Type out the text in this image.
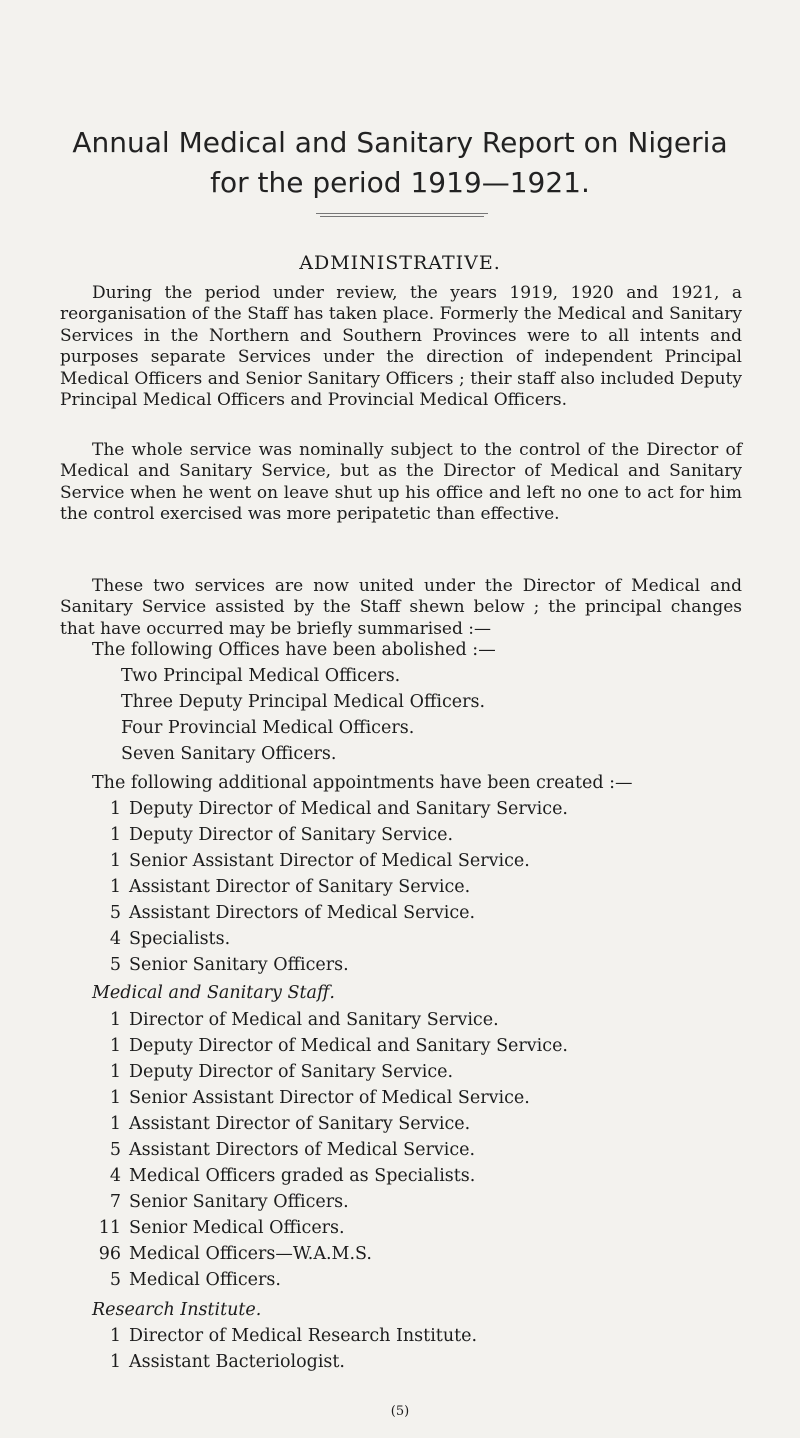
Annual Medical and Sanitary Report on Nigeria
for the period 1919—1921.
ADMINISTRATIVE.

During the period under review, the years 1919, 1920 and 1921, a reorganisation of the Staff has taken place. Formerly the Medical and Sanitary Services in the Northern and Southern Provinces were to all intents and purposes separate Services under the direction of independent Principal Medical Officers and Senior Sanitary Officers ; their staff also included Deputy Principal Medical Officers and Provincial Medical Officers.

The whole service was nominally subject to the control of the Director of Medical and Sanitary Service, but as the Director of Medical and Sanitary Service when he went on leave shut up his office and left no one to act for him the control exercised was more peripatetic than effective.

These two services are now united under the Director of Medical and Sanitary Service assisted by the Staff shewn below ; the principal changes that have occurred may be briefly summarised :—

The following Offices have been abolished :—
Two Principal Medical Officers.
Three Deputy Principal Medical Officers.
Four Provincial Medical Officers.
Seven Sanitary Officers.
The following additional appointments have been created :—
1 Deputy Director of Medical and Sanitary Service.
1 Deputy Director of Sanitary Service.
1 Senior Assistant Director of Medical Service.
1 Assistant Director of Sanitary Service.
5 Assistant Directors of Medical Service.
4 Specialists.
5 Senior Sanitary Officers.
Medical and Sanitary Staff.
1 Director of Medical and Sanitary Service.
1 Deputy Director of Medical and Sanitary Service.
1 Deputy Director of Sanitary Service.
1 Senior Assistant Director of Medical Service.
1 Assistant Director of Sanitary Service.
5 Assistant Directors of Medical Service.
4 Medical Officers graded as Specialists.
7 Senior Sanitary Officers.
11 Senior Medical Officers.
96 Medical Officers—W.A.M.S.
5 Medical Officers.
Research Institute.
1 Director of Medical Research Institute.
1 Assistant Bacteriologist.
(5)
